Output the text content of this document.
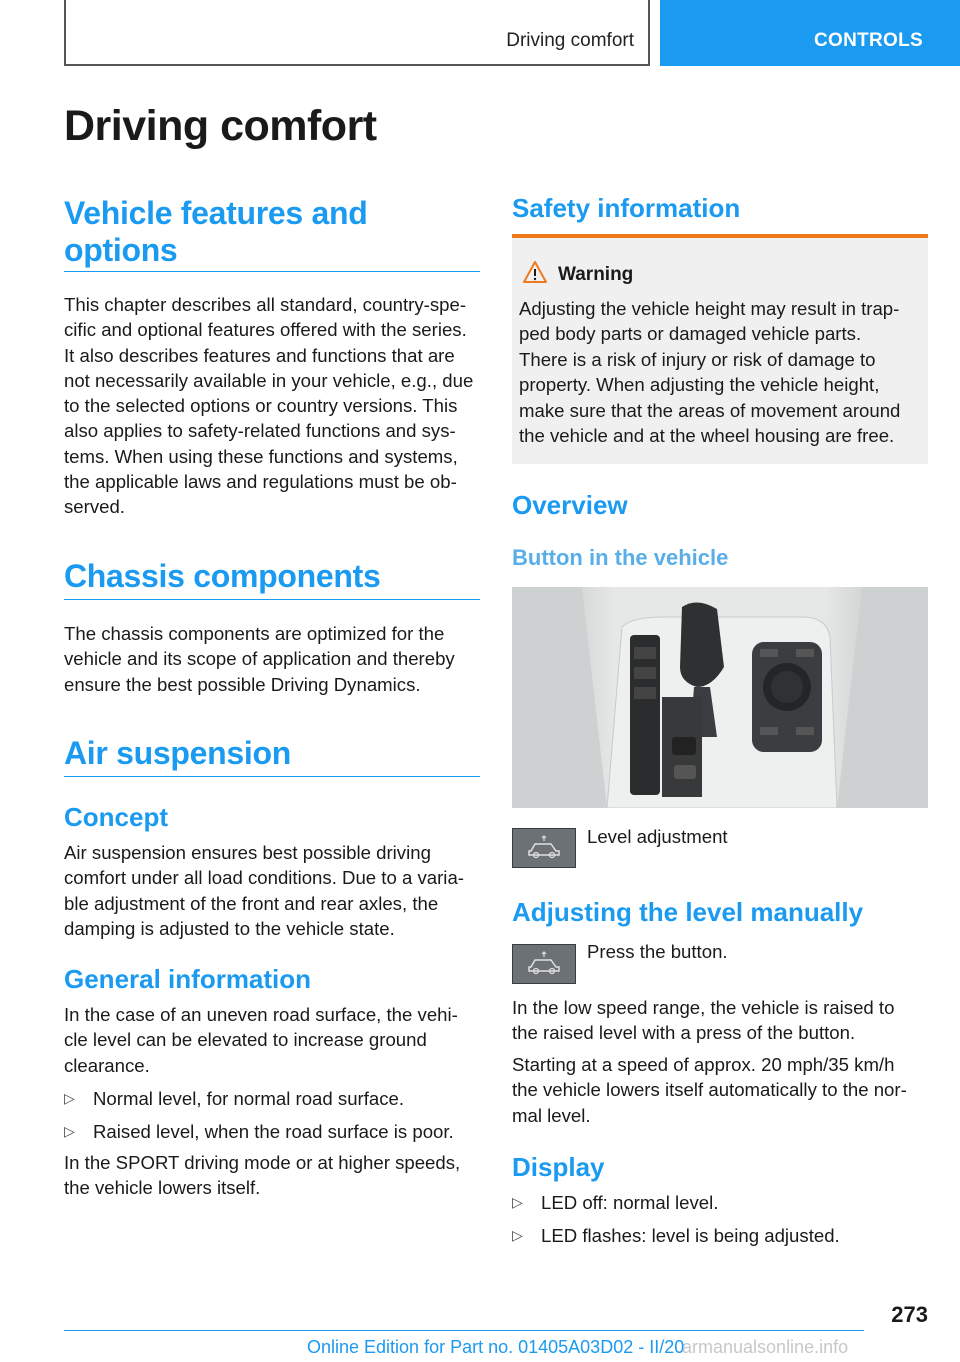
Driving comfort	CONTROLS
Driving comfort
Vehicle features and
options
This chapter describes all standard, country-spe-
cific and optional features offered with the series.
It also describes features and functions that are
not necessarily available in your vehicle, e.g., due
to the selected options or country versions. This
also applies to safety-related functions and sys-
tems. When using these functions and systems,
the applicable laws and regulations must be ob-
served.
Chassis components
The chassis components are optimized for the
vehicle and its scope of application and thereby
ensure the best possible Driving Dynamics.
Air suspension
Concept
Air suspension ensures best possible driving
comfort under all load conditions. Due to a varia-
ble adjustment of the front and rear axles, the
damping is adjusted to the vehicle state.
General information
In the case of an uneven road surface, the vehi-
cle level can be elevated to increase ground
clearance.
▷ Normal level, for normal road surface.
▷ Raised level, when the road surface is poor.
In the SPORT driving mode or at higher speeds,
the vehicle lowers itself.
Safety information
Warning
Adjusting the vehicle height may result in trap-
ped body parts or damaged vehicle parts.
There is a risk of injury or risk of damage to
property. When adjusting the vehicle height,
make sure that the areas of movement around
the vehicle and at the wheel housing are free.
Overview
Button in the vehicle
Level adjustment
Adjusting the level manually
Press the button.
In the low speed range, the vehicle is raised to
the raised level with a press of the button.
Starting at a speed of approx. 20 mph/35 km/h
the vehicle lowers itself automatically to the nor-
mal level.
Display
▷ LED off: normal level.
▷ LED flashes: level is being adjusted.
273
Online Edition for Part no. 01405A03D02 - II/20
armanualsonline.info
